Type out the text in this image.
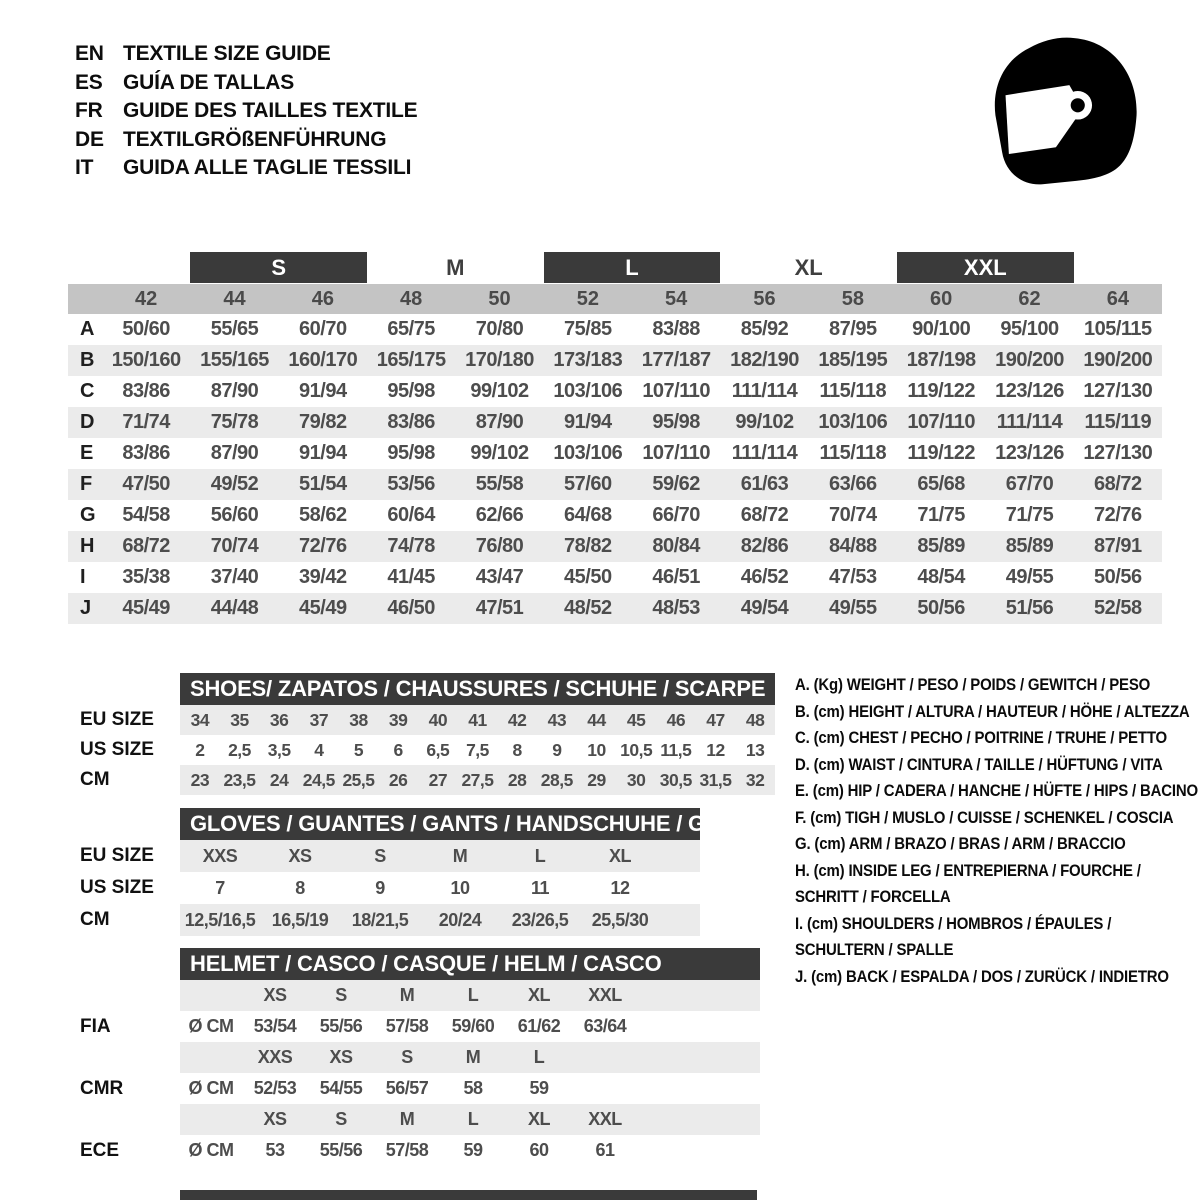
EN TEXTILE SIZE GUIDE
ES GUÍA DE TALLAS
FR GUIDE DES TAILLES TEXTILE
DE TEXTILGRÖßENFÜHRUNG
IT	GUIDA ALLE TAGLIE TESSILI
S	M	L	XL	XXL
42	44	46	48	50	52	54	56	58	60	62	64
A	50/60	55/65	60/70	65/75	70/80	75/85	83/88	85/92	87/95	90/100	95/100	105/115
B 150/160 155/165 160/170 165/175 170/180 173/183 177/187 182/190 185/195 187/198 190/200 190/200
C	83/86	87/90	91/94	95/98	99/102	103/106	107/110	111/114	115/118	119/122	123/126 127/130
D	71/74	75/78	79/82	83/86	87/90	91/94	95/98	99/102	103/106	107/110	111/114	115/119
E	83/86	87/90	91/94	95/98	99/102	103/106	107/110	111/114	115/118	119/122	123/126 127/130
F	47/50	49/52	51/54	53/56	55/58	57/60	59/62	61/63	63/66	65/68	67/70	68/72
G	54/58	56/60	58/62	60/64	62/66	64/68	66/70	68/72	70/74	71/75	71/75	72/76
H	68/72	70/74	72/76	74/78	76/80	78/82	80/84	82/86	84/88	85/89	85/89	87/91
I	35/38	37/40	39/42	41/45	43/47	45/50	46/51	46/52	47/53	48/54	49/55	50/56
J	45/49	44/48	45/49	46/50	47/51	48/52	48/53	49/54	49/55	50/56	51/56	52/58
SHOES/ ZAPATOS / CHAUSSURES / SCHUHE / SCARPE
EU SIZE	34	35	36	37	38	39	40	41	42	43	44	45	46	47	48
US SIZE	2	2,5 3,5	4	5	6	6,5 7,5	8	9	10 10,5 11,5 12	13
CM	23 23,5 24 24,5 25,5 26	27 27,5 28 28,5 29	30 30,5 31,5 32
GLOVES / GUANTES / GANTS / HANDSCHUHE / GUANTI
EU SIZE	XXS	XS	S	M	L	XL
US SIZE	7	8	9	10	11	12
CM	12,5/16,5 16,5/19	18/21,5	20/24	23/26,5	25,5/30
HELMET / CASCO / CASQUE / HELM / CASCO
XS	S	M	L	XL	XXL
FIA	Ø CM	53/54	55/56	57/58	59/60	61/62	63/64
XXS	XS	S	M	L
CMR	Ø CM	52/53	54/55	56/57	58	59
XS	S	M	L	XL	XXL
ECE	Ø CM	53	55/56	57/58	59	60	61
A. (Kg) WEIGHT / PESO / POIDS / GEWITCH / PESO
B. (cm) HEIGHT / ALTURA / HAUTEUR / HÖHE / ALTEZZA
C. (cm) CHEST / PECHO / POITRINE / TRUHE / PETTO
D. (cm) WAIST / CINTURA / TAILLE / HÜFTUNG / VITA
E. (cm) HIP / CADERA / HANCHE / HÜFTE / HIPS / BACINO
F. (cm) TIGH / MUSLO / CUISSE / SCHENKEL / COSCIA
G. (cm) ARM / BRAZO / BRAS / ARM / BRACCIO
H. (cm) INSIDE LEG / ENTREPIERNA / FOURCHE /
SCHRITT / FORCELLA
I. (cm) SHOULDERS / HOMBROS / ÉPAULES /
SCHULTERN / SPALLE
J. (cm) BACK / ESPALDA / DOS / ZURÜCK / INDIETRO
